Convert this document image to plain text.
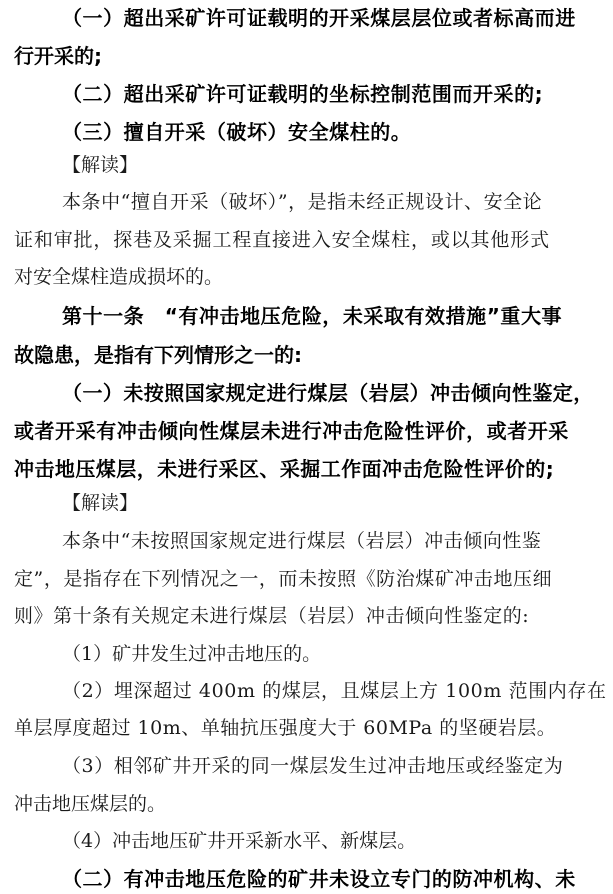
（一）超出采矿许可证载明的开采煤层层位或者标高而进
行开采的;
（二）超出采矿许可证载明的坐标控制范围而开采的;
（三）擅自开采（破坏）安全煤柱的。
【解读】
本条中“擅自开采（破坏）”，是指未经正规设计、安全论
证和审批，探巷及采掘工程直接进入安全煤柱，或以其他形式
对安全煤柱造成损坏的。
第十一条　“有冲击地压危险，未采取有效措施”重大事
故隐患，是指有下列情形之一的:
（一）未按照国家规定进行煤层（岩层）冲击倾向性鉴定，
或者开采有冲击倾向性煤层未进行冲击危险性评价，或者开采
冲击地压煤层，未进行采区、采掘工作面冲击危险性评价的;
【解读】
本条中“未按照国家规定进行煤层（岩层）冲击倾向性鉴
定”，是指存在下列情况之一，而未按照《防治煤矿冲击地压细
则》第十条有关规定未进行煤层（岩层）冲击倾向性鉴定的:
（1）矿井发生过冲击地压的。
（2）埋深超过 400m 的煤层，且煤层上方 100m 范围内存在
单层厚度超过 10m、单轴抗压强度大于 60MPa 的坚硬岩层。
（3）相邻矿井开采的同一煤层发生过冲击地压或经鉴定为
冲击地压煤层的。
（4）冲击地压矿井开采新水平、新煤层。
（二）有冲击地压危险的矿井未设立专门的防冲机构、未
